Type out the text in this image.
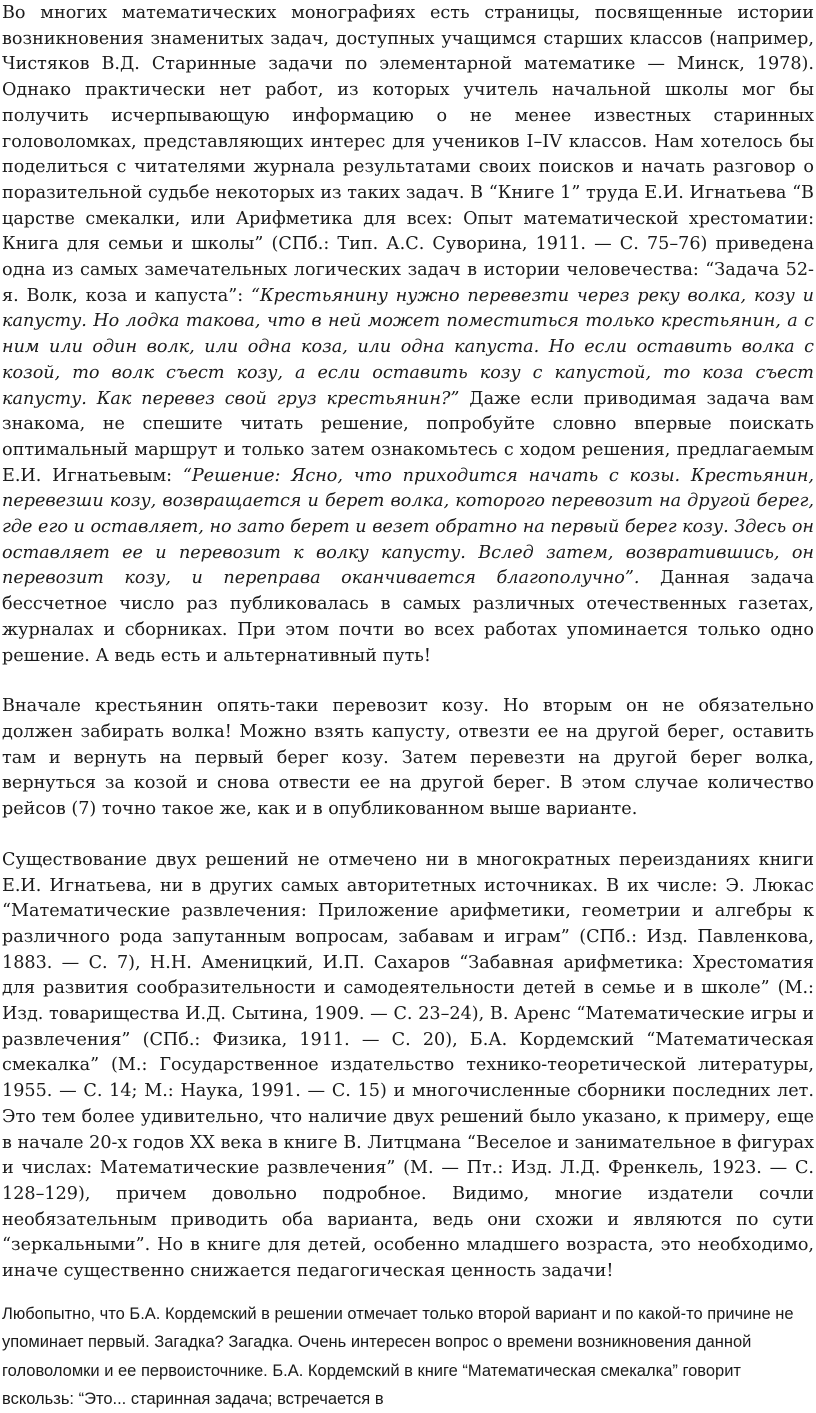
Во многих математических монографиях есть страницы, посвященные истории возникновения знаменитых задач, доступных учащимся старших классов (например, Чистяков В.Д. Старинные задачи по элементарной математике — Минск, 1978). Однако практически нет работ, из которых учитель начальной школы мог бы получить исчерпывающую информацию о не менее известных старинных головоломках, представляющих интерес для учеников I–IV классов. Нам хотелось бы поделиться с читателями журнала результатами своих поисков и начать разговор о поразительной судьбе некоторых из таких задач. В “Книге 1” труда Е.И. Игнатьева “В царстве смекалки, или Арифметика для всех: Опыт математической хрестоматии: Книга для семьи и школы” (СПб.: Тип. А.С. Суворина, 1911. — С. 75–76) приведена одна из самых замечательных логических задач в истории человечества: “Задача 52-я. Волк, коза и капуста”: “Крестьянину нужно перевезти через реку волка, козу и капусту. Но лодка такова, что в ней может поместиться только крестьянин, а с ним или один волк, или одна коза, или одна капуста. Но если оставить волка с козой, то волк съест козу, а если оставить козу с капустой, то коза съест капусту. Как перевез свой груз крестьянин?” Даже если приводимая задача вам знакома, не спешите читать решение, попробуйте словно впервые поискать оптимальный маршрут и только затем ознакомьтесь с ходом решения, предлагаемым Е.И. Игнатьевым: “Решение: Ясно, что приходится начать с козы. Крестьянин, перевезши козу, возвращается и берет волка, которого перевозит на другой берег, где его и оставляет, но зато берет и везет обратно на первый берег козу. Здесь он оставляет ее и перевозит к волку капусту. Вслед затем, возвратившись, он перевозит козу, и переправа оканчивается благополучно”. Данная задача бессчетное число раз публиковалась в самых различных отечественных газетах, журналах и сборниках. При этом почти во всех работах упоминается только одно решение. А ведь есть и альтернативный путь!

Вначале крестьянин опять-таки перевозит козу. Но вторым он не обязательно должен забирать волка! Можно взять капусту, отвезти ее на другой берег, оставить там и вернуть на первый берег козу. Затем перевезти на другой берег волка, вернуться за козой и снова отвести ее на другой берег. В этом случае количество рейсов (7) точно такое же, как и в опубликованном выше варианте.

Существование двух решений не отмечено ни в многократных переизданиях книги Е.И. Игнатьева, ни в других самых авторитетных источниках. В их числе: Э. Люкас “Математические развлечения: Приложение арифметики, геометрии и алгебры к различного рода запутанным вопросам, забавам и играм” (СПб.: Изд. Павленкова, 1883. — С. 7), Н.Н. Аменицкий, И.П. Сахаров “Забавная арифметика: Хрестоматия для развития сообразительности и самодеятельности детей в семье и в школе” (М.: Изд. товарищества И.Д. Сытина, 1909. — С. 23–24), В. Аренс “Математические игры и развлечения” (СПб.: Физика, 1911. — С. 20), Б.А. Кордемский “Математическая смекалка” (М.: Государственное издательство технико-теоретической литературы, 1955. — С. 14; М.: Наука, 1991. — С. 15) и многочисленные сборники последних лет. Это тем более удивительно, что наличие двух решений было указано, к примеру, еще в начале 20-х годов XX века в книге В. Литцмана “Веселое и занимательное в фигурах и числах: Математические развлечения” (М. — Пт.: Изд. Л.Д. Френкель, 1923. — С. 128–129), причем довольно подробное. Видимо, многие издатели сочли необязательным приводить оба варианта, ведь они схожи и являются по сути “зеркальными”. Но в книге для детей, особенно младшего возраста, это необходимо, иначе существенно снижается педагогическая ценность задачи!

Любопытно, что Б.А. Кордемский в решении отмечает только второй вариант и по какой-то причине не упоминает первый. Загадка? Загадка. Очень интересен вопрос о времени возникновения данной головоломки и ее первоисточнике. Б.А. Кордемский в книге “Математическая смекалка” говорит вскользь: “Это... старинная задача; встречается в
